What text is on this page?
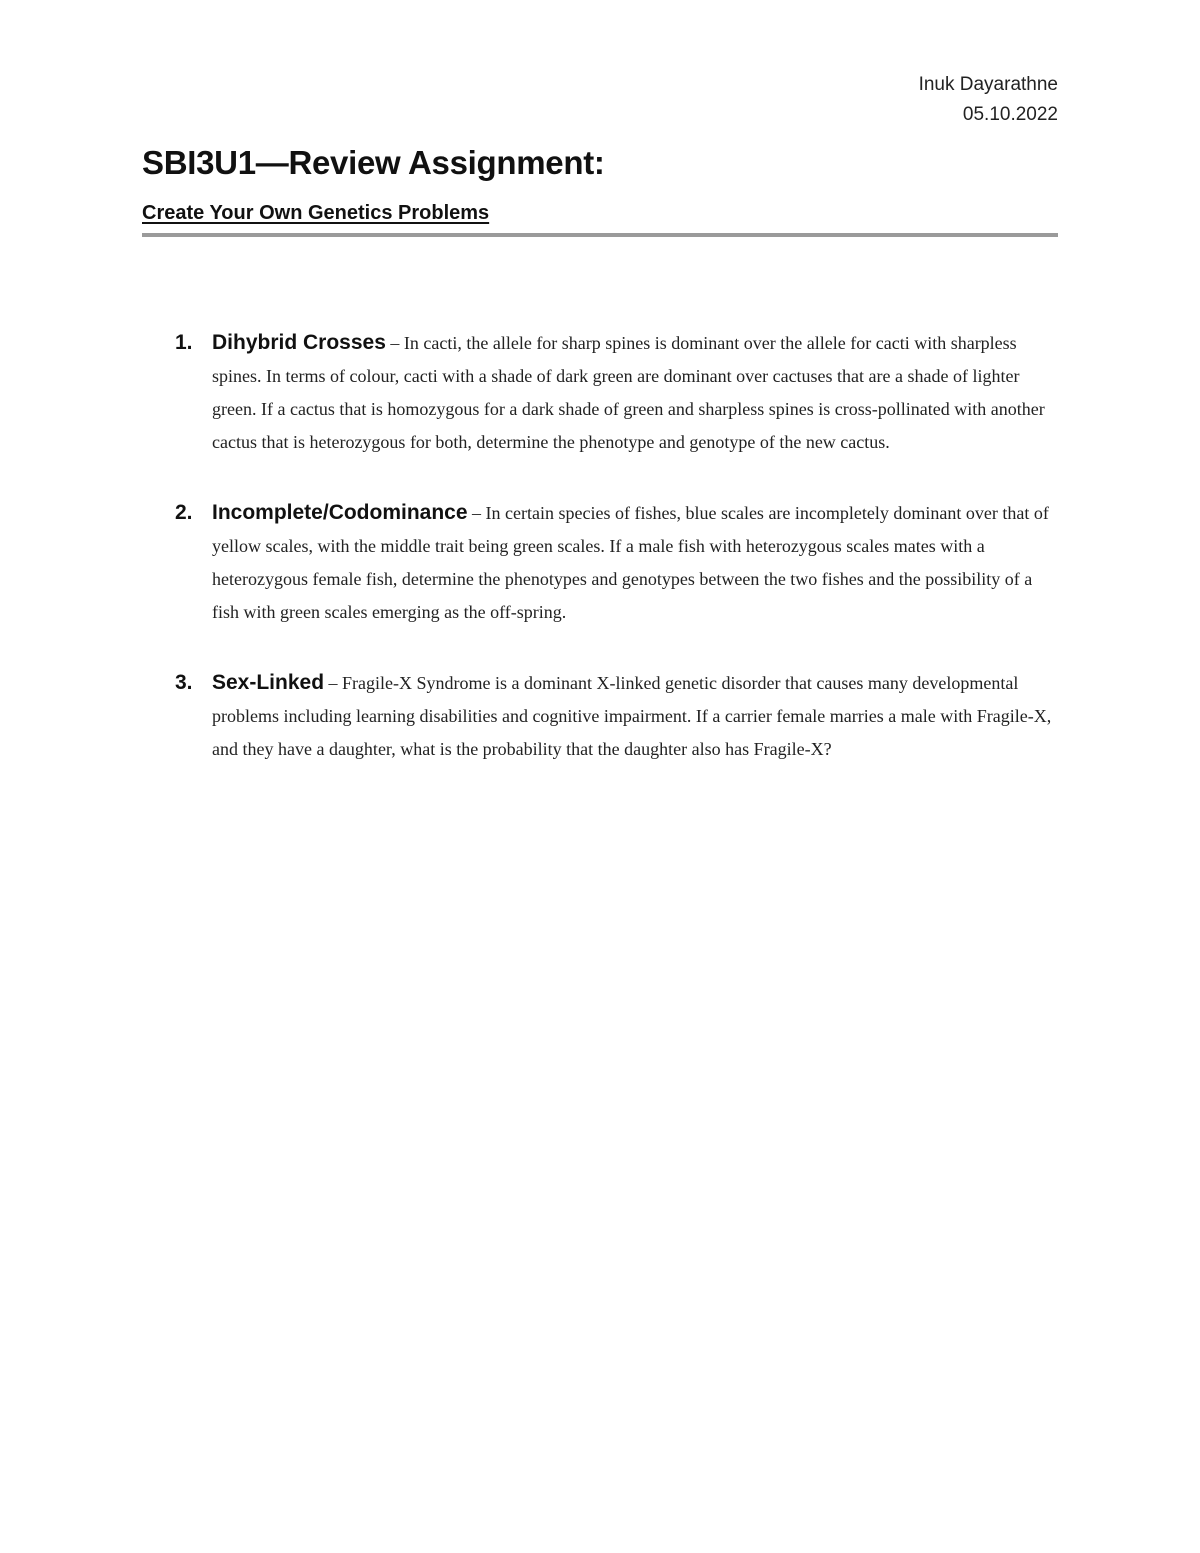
Inuk Dayarathne
05.10.2022
SBI3U1—Review Assignment:
Create Your Own Genetics Problems
1. Dihybrid Crosses – In cacti, the allele for sharp spines is dominant over the allele for cacti with sharpless spines. In terms of colour, cacti with a shade of dark green are dominant over cactuses that are a shade of lighter green. If a cactus that is homozygous for a dark shade of green and sharpless spines is cross-pollinated with another cactus that is heterozygous for both, determine the phenotype and genotype of the new cactus.
2. Incomplete/Codominance – In certain species of fishes, blue scales are incompletely dominant over that of yellow scales, with the middle trait being green scales. If a male fish with heterozygous scales mates with a heterozygous female fish, determine the phenotypes and genotypes between the two fishes and the possibility of a fish with green scales emerging as the off-spring.
3. Sex-Linked – Fragile-X Syndrome is a dominant X-linked genetic disorder that causes many developmental problems including learning disabilities and cognitive impairment. If a carrier female marries a male with Fragile-X, and they have a daughter, what is the probability that the daughter also has Fragile-X?
